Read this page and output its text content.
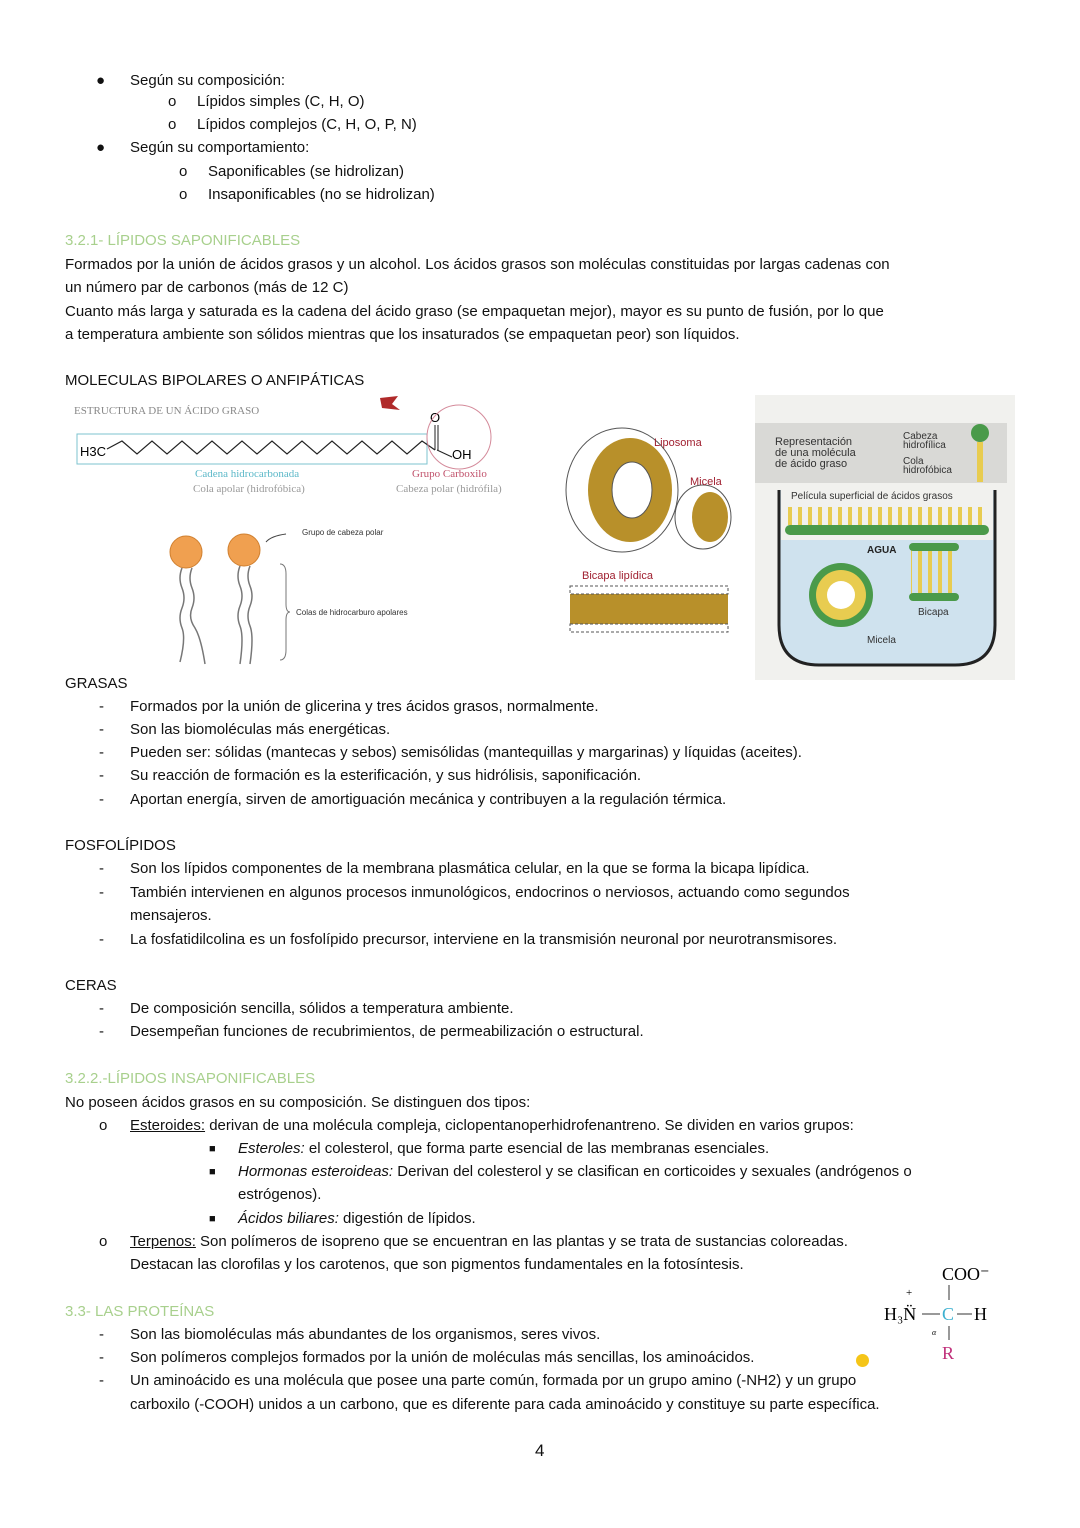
● Según su composición:
o Lípidos simples (C, H, O)
o Lípidos complejos (C, H, O, P, N)
● Según su comportamiento:
o Saponificables (se hidrolizan)
o Insaponificables (no se hidrolizan)
3.2.1- LÍPIDOS SAPONIFICABLES
Formados por la unión de ácidos grasos y un alcohol. Los ácidos grasos son moléculas constituidas por largas cadenas con
un número par de carbonos (más de 12 C)
Cuanto más larga y saturada es la cadena del ácido graso (se empaquetan mejor), mayor es su punto de fusión, por lo que
a temperatura ambiente son sólidos mientras que los insaturados (se empaquetan peor) son líquidos.
MOLECULAS BIPOLARES O ANFIPÁTICAS
ESTRUCTURA DE UN ÁCIDO GRASO
H3C
O
OH
Cadena hidrocarbonada
Cola apolar (hidrofóbica)
Grupo Carboxilo
Cabeza polar (hidrófila)
Grupo de cabeza polar
Colas de hidrocarburo apolares
Liposoma
Micela
Bicapa lipídica
Representación
de una molécula
de ácido graso
Cabeza
hidrofílica
Cola
hidrofóbica
Película superficial de ácidos grasos
AGUA
Bicapa
Micela
GRASAS
- Formados por la unión de glicerina y tres ácidos grasos, normalmente.
- Son las biomoléculas más energéticas.
- Pueden ser: sólidas (mantecas y sebos) semisólidas (mantequillas y margarinas) y líquidas (aceites).
- Su reacción de formación es la esterificación, y sus hidrólisis, saponificación.
- Aportan energía, sirven de amortiguación mecánica y contribuyen a la regulación térmica.
FOSFOLÍPIDOS
- Son los lípidos componentes de la membrana plasmática celular, en la que se forma la bicapa lipídica.
- También intervienen en algunos procesos inmunológicos, endocrinos o nerviosos, actuando como segundos
mensajeros.
- La fosfatidilcolina es un fosfolípido precursor, interviene en la transmisión neuronal por neurotransmisores.
CERAS
- De composición sencilla, sólidos a temperatura ambiente.
- Desempeñan funciones de recubrimientos, de permeabilización o estructural.
3.2.2.-LÍPIDOS INSAPONIFICABLES
No poseen ácidos grasos en su composición. Se distinguen dos tipos:
o Esteroides: derivan de una molécula compleja, ciclopentanoperhidrofenantreno. Se dividen en varios grupos:
■ Esteroles: el colesterol, que forma parte esencial de las membranas esenciales.
■ Hormonas esteroideas: Derivan del colesterol y se clasifican en corticoides y sexuales (andrógenos o
estrógenos).
■ Ácidos biliares: digestión de lípidos.
o Terpenos: Son polímeros de isopreno que se encuentran en las plantas y se trata de sustancias coloreadas.
Destacan las clorofilas y los carotenos, que son pigmentos fundamentales en la fotosíntesis.
3.3- LAS PROTEÍNAS
- Son las biomoléculas más abundantes de los organismos, seres vivos.
- Son polímeros complejos formados por la unión de moléculas más sencillas, los aminoácidos.
- Un aminoácido es una molécula que posee una parte común, formada por un grupo amino (-NH2) y un grupo
carboxilo (-COOH) unidos a un carbono, que es diferente para cada aminoácido y constituye su parte específica.
COO⁻
H₃N̈
+
C
α
H
R
4
